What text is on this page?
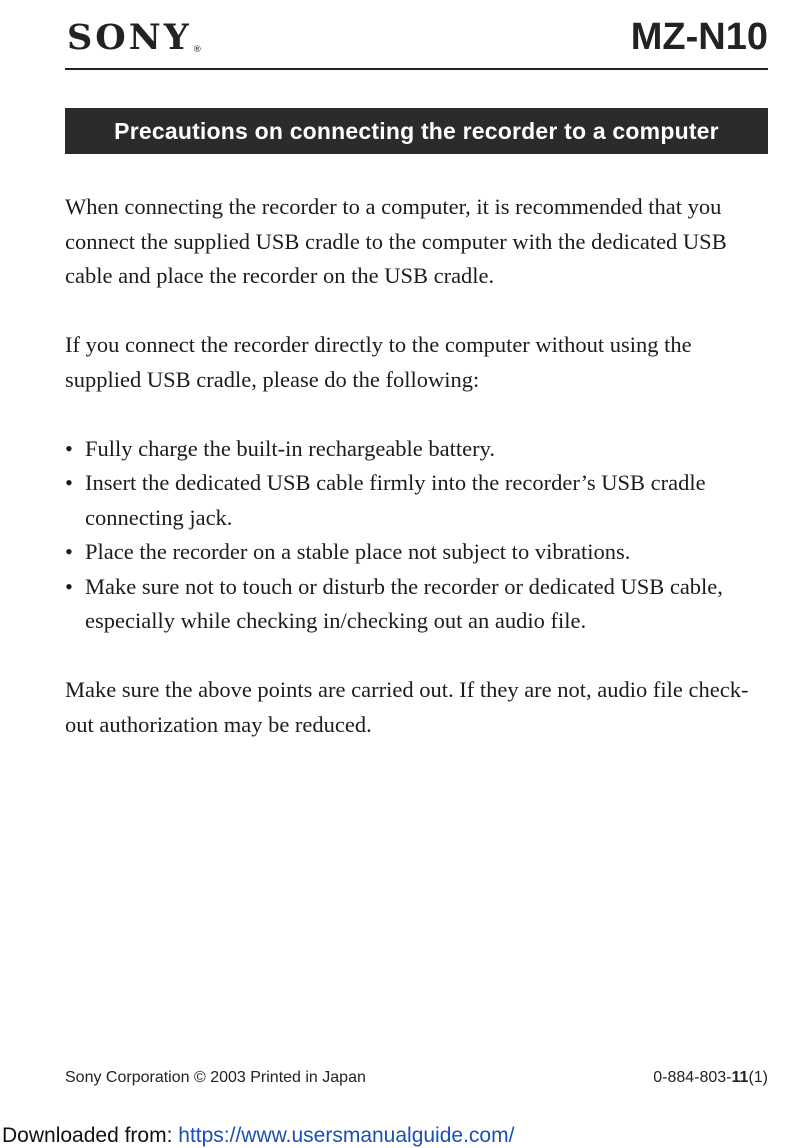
SONY®	MZ-N10
Precautions on connecting the recorder to a computer

When connecting the recorder to a computer, it is recommended that you connect the supplied USB cradle to the computer with the dedicated USB cable and place the recorder on the USB cradle.

If you connect the recorder directly to the computer without using the supplied USB cradle, please do the following:

• Fully charge the built-in rechargeable battery.
• Insert the dedicated USB cable firmly into the recorder’s USB cradle connecting jack.
• Place the recorder on a stable place not subject to vibrations.
• Make sure not to touch or disturb the recorder or dedicated USB cable, especially while checking in/checking out an audio file.

Make sure the above points are carried out. If they are not, audio file check-out authorization may be reduced.

Sony Corporation © 2003 Printed in Japan	0-884-803-11(1)
Downloaded from: https://www.usersmanualguide.com/
